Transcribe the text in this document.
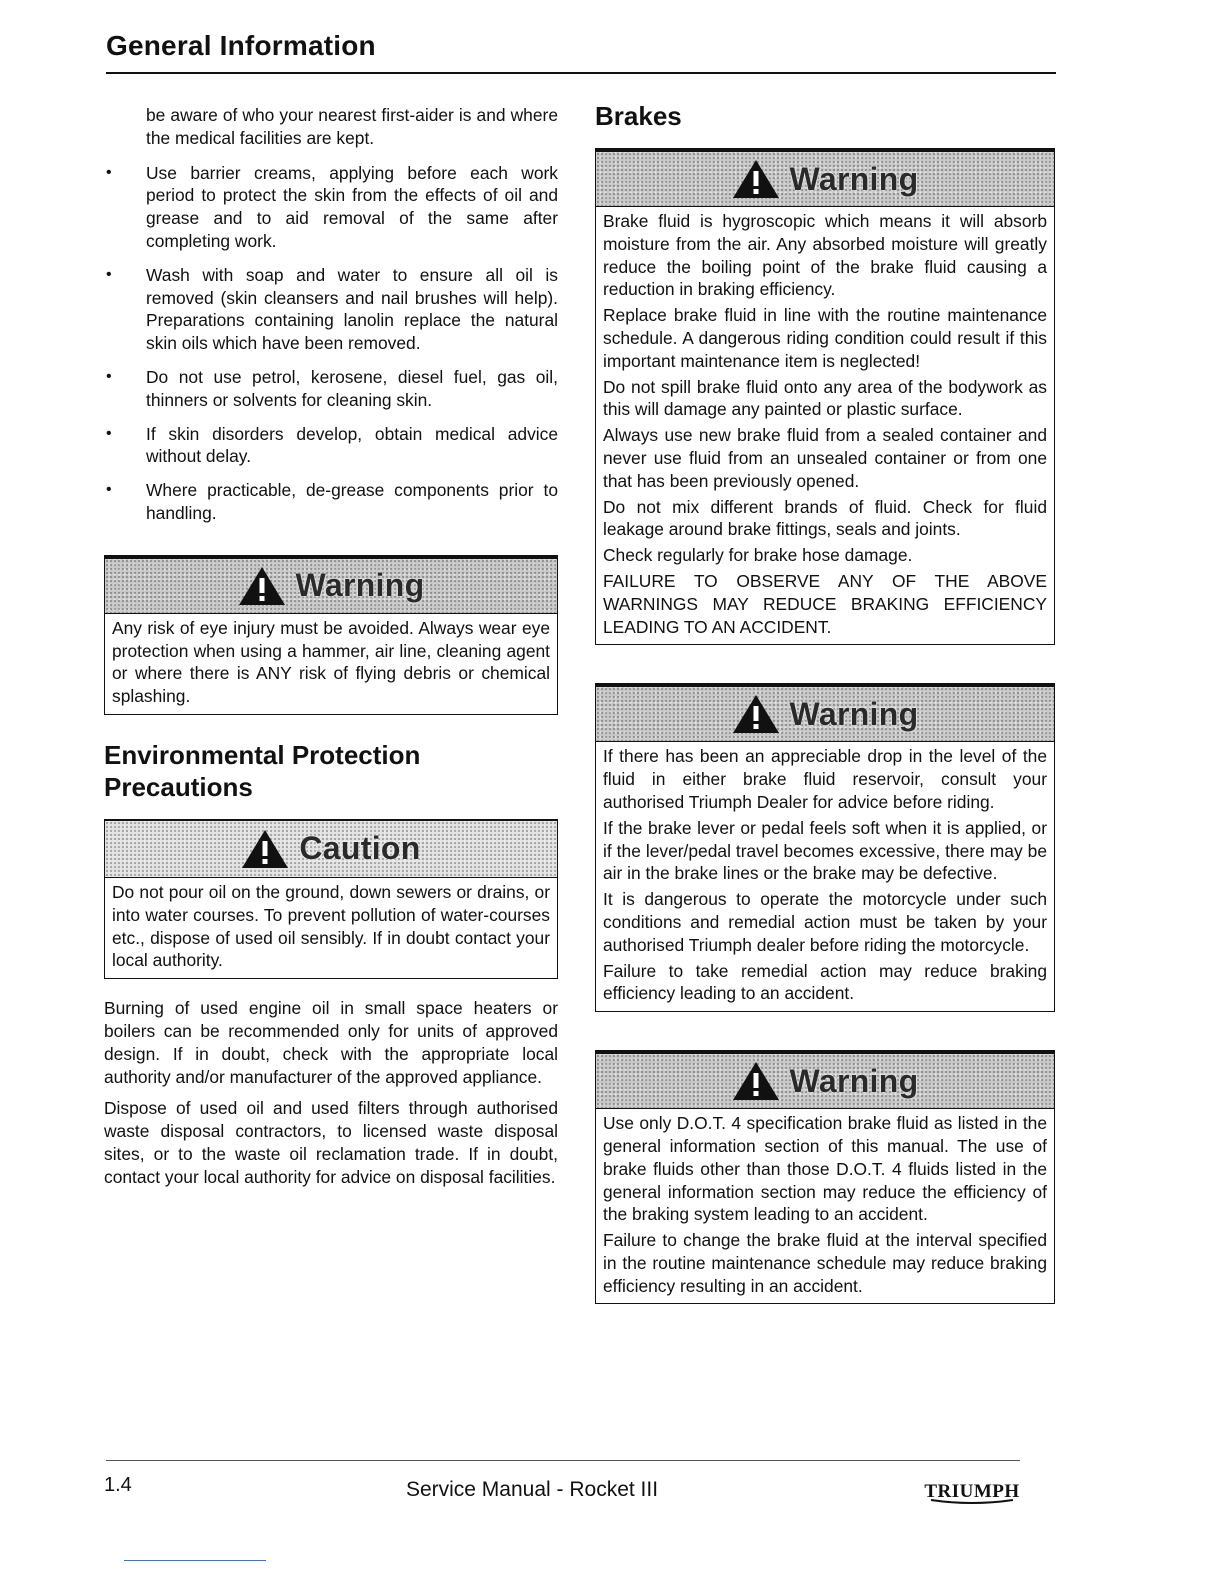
General Information
be aware of who your nearest first-aider is and where the medical facilities are kept.
• Use barrier creams, applying before each work period to protect the skin from the effects of oil and grease and to aid removal of the same after completing work.
• Wash with soap and water to ensure all oil is removed (skin cleansers and nail brushes will help). Preparations containing lanolin replace the natural skin oils which have been removed.
• Do not use petrol, kerosene, diesel fuel, gas oil, thinners or solvents for cleaning skin.
• If skin disorders develop, obtain medical advice without delay.
• Where practicable, de-grease components prior to handling.
Warning

Any risk of eye injury must be avoided. Always wear eye protection when using a hammer, air line, cleaning agent or where there is ANY risk of flying debris or chemical splashing.

Environmental Protection
Precautions
Caution

Do not pour oil on the ground, down sewers or drains, or into water courses. To prevent pollution of water-courses etc., dispose of used oil sensibly. If in doubt contact your local authority.

Burning of used engine oil in small space heaters or boilers can be recommended only for units of approved design. If in doubt, check with the appropriate local authority and/or manufacturer of the approved appliance.
Dispose of used oil and used filters through authorised waste disposal contractors, to licensed waste disposal sites, or to the waste oil reclamation trade. If in doubt, contact your local authority for advice on disposal facilities.
Brakes
Warning

Brake fluid is hygroscopic which means it will absorb moisture from the air. Any absorbed moisture will greatly reduce the boiling point of the brake fluid causing a reduction in braking efficiency.

Replace brake fluid in line with the routine maintenance schedule. A dangerous riding condition could result if this important maintenance item is neglected!

Do not spill brake fluid onto any area of the bodywork as this will damage any painted or plastic surface.

Always use new brake fluid from a sealed container and never use fluid from an unsealed container or from one that has been previously opened.

Do not mix different brands of fluid. Check for fluid leakage around brake fittings, seals and joints.

Check regularly for brake hose damage.

FAILURE TO OBSERVE ANY OF THE ABOVE WARNINGS MAY REDUCE BRAKING EFFICIENCY LEADING TO AN ACCIDENT.

Warning

If there has been an appreciable drop in the level of the fluid in either brake fluid reservoir, consult your authorised Triumph Dealer for advice before riding.

If the brake lever or pedal feels soft when it is applied, or if the lever/pedal travel becomes excessive, there may be air in the brake lines or the brake may be defective.

It is dangerous to operate the motorcycle under such conditions and remedial action must be taken by your authorised Triumph dealer before riding the motorcycle.

Failure to take remedial action may reduce braking efficiency leading to an accident.

Warning

Use only D.O.T. 4 specification brake fluid as listed in the general information section of this manual. The use of brake fluids other than those D.O.T. 4 fluids listed in the general information section may reduce the efficiency of the braking system leading to an accident.

Failure to change the brake fluid at the interval specified in the routine maintenance schedule may reduce braking efficiency resulting in an accident.

1.4	Service Manual - Rocket III	TRIUMPH
